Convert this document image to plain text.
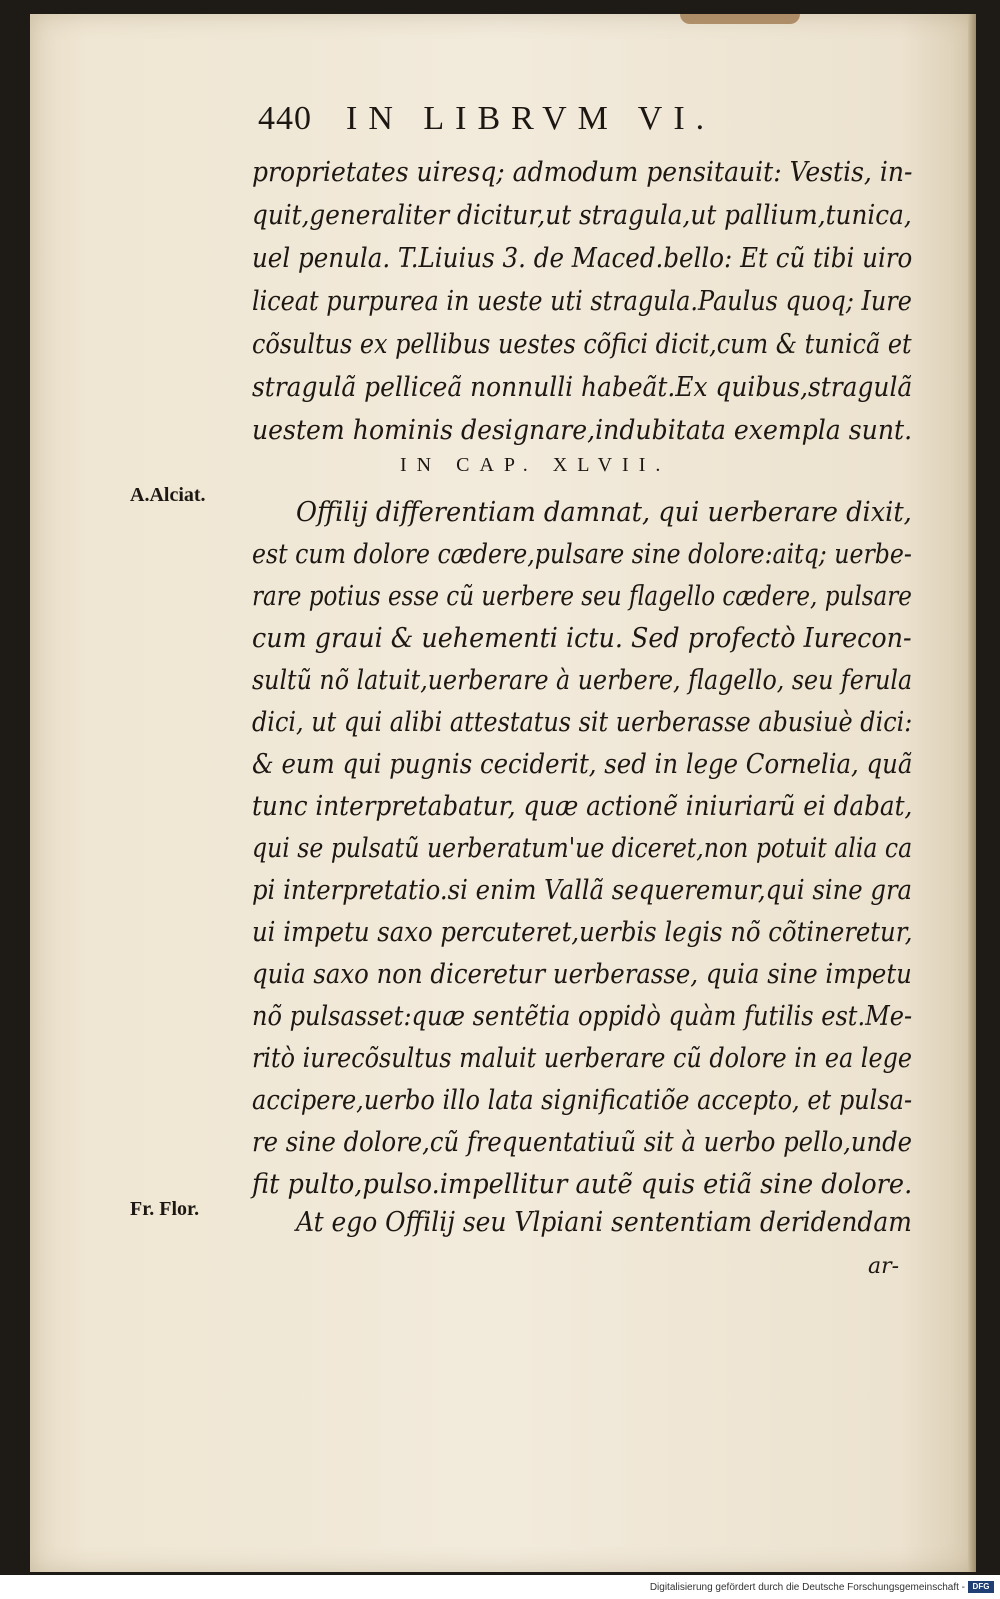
440 IN LIBRVM VI.
proprietates uiresq; admodum pensitauit: Vestis, in-
quit,generaliter dicitur,ut stragula,ut pallium,tunica,
uel penula. T.Liuius 3. de Maced.bello: Et cũ tibi uiro
liceat purpurea in ueste uti stragula.Paulus quoq; Iure
cõsultus ex pellibus uestes cõfici dicit,cum & tunicã et
stragulã pelliceã nonnulli habeãt.Ex quibus,stragulã
uestem hominis designare,indubitata exempla sunt.
IN CAP. XLVII.
A.Alciat.
Offilij differentiam damnat, qui uerberare dixit,
est cum dolore cædere,pulsare sine dolore:aitq; uerbe-
rare potius esse cũ uerbere seu flagello cædere, pulsare
cum graui & uehementi ictu. Sed profectò Iurecon-
sultũ nõ latuit,uerberare à uerbere, flagello, seu ferula
dici, ut qui alibi attestatus sit uerberasse abusiuè dici:
& eum qui pugnis ceciderit, sed in lege Cornelia, quã
tunc interpretabatur, quæ actionẽ iniuriarũ ei dabat,
qui se pulsatũ uerberatum'ue diceret,non potuit alia ca
pi interpretatio.si enim Vallã sequeremur,qui sine gra
ui impetu saxo percuteret,uerbis legis nõ cõtineretur,
quia saxo non diceretur uerberasse, quia sine impetu
nõ pulsasset:quæ sentẽtia oppidò quàm futilis est.Me-
ritò iurecõsultus maluit uerberare cũ dolore in ea lege
accipere,uerbo illo lata significatiõe accepto, et pulsa-
re sine dolore,cũ frequentatiuũ sit à uerbo pello,unde
fit pulto,pulso.impellitur autẽ quis etiã sine dolore.
Fr. Flor.	At ego Offilij seu Vlpiani sententiam deridendam
ar-
Digitalisierung gefördert durch die Deutsche Forschungsgemeinschaft - DFG
